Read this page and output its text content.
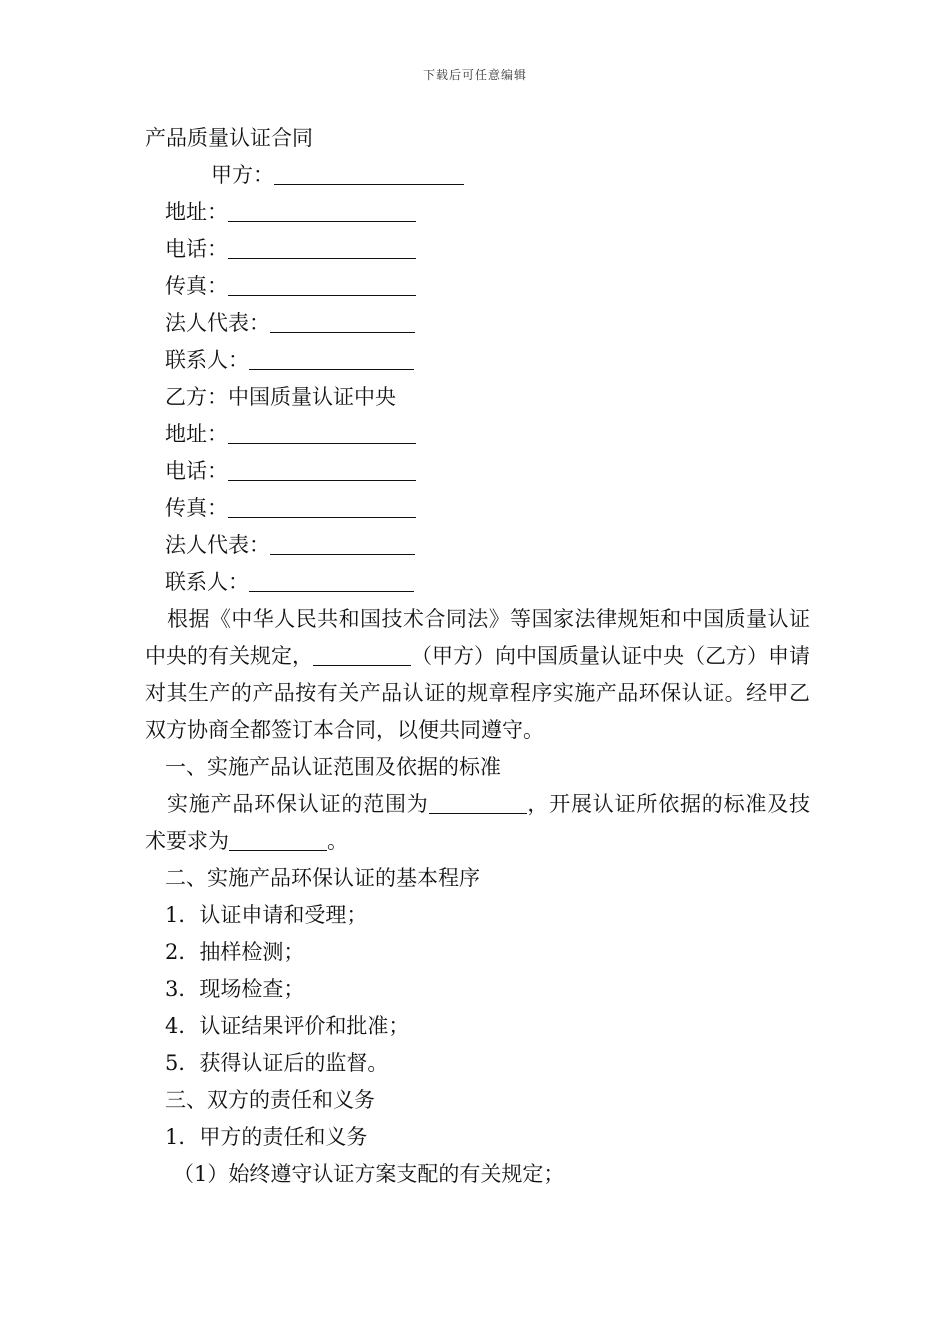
下载后可任意编辑
产品质量认证合同
甲方：
地址：
电话：
传真：
法人代表：
联系人：
乙方：中国质量认证中央
地址：
电话：
传真：
法人代表：
联系人：
根据《中华人民共和国技术合同法》等国家法律规矩和中国质量认证中央的有关规定，	（甲方）向中国质量认证中央（乙方）申请对其生产的产品按有关产品认证的规章程序实施产品环保认证。经甲乙双方协商全都签订本合同，以便共同遵守。
一、实施产品认证范围及依据的标准
实施产品环保认证的范围为	，开展认证所依据的标准及技术要求为	。
二、实施产品环保认证的基本程序
1．认证申请和受理；
2．抽样检测；
3．现场检查；
4．认证结果评价和批准；
5．获得认证后的监督。
三、双方的责任和义务
1．甲方的责任和义务
（1）始终遵守认证方案支配的有关规定；
